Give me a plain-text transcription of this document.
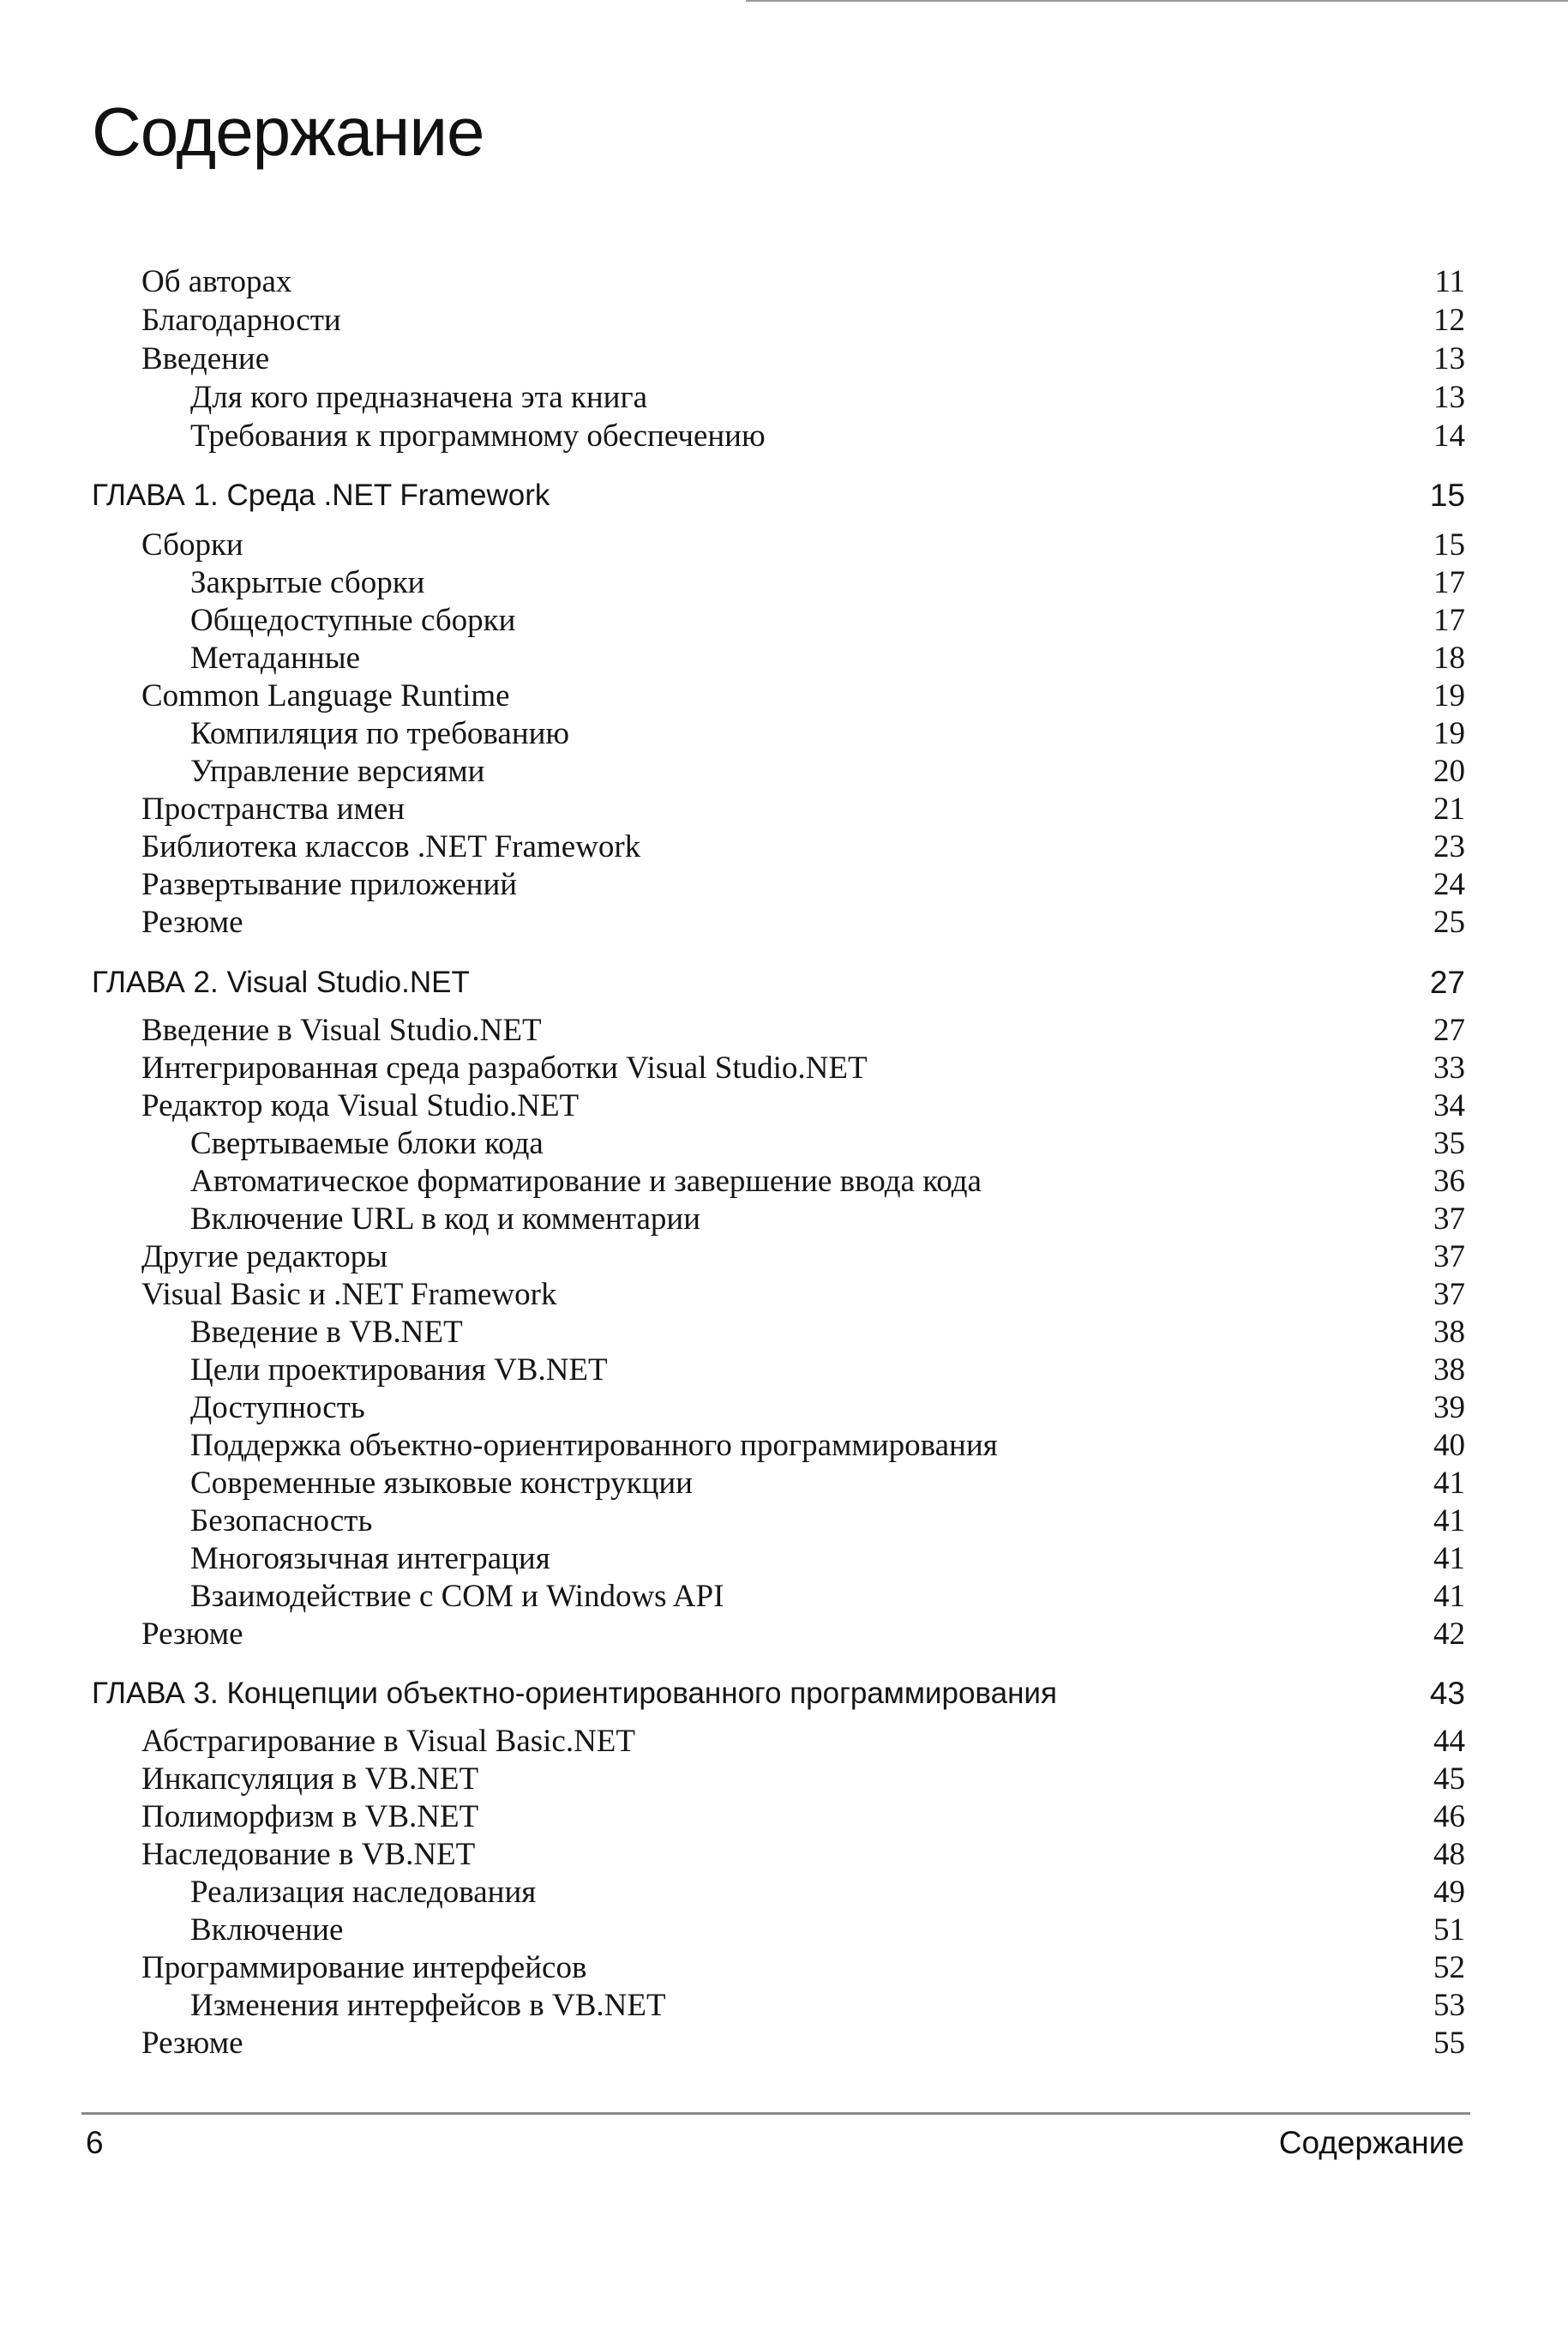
Содержание
Об авторах	11
Благодарности	12
Введение	13
Для кого предназначена эта книга	13
Требования к программному обеспечению	14
ГЛАВА 1. Среда .NET Framework	15
Сборки	15
Закрытые сборки	17
Общедоступные сборки	17
Метаданные	18
Common Language Runtime	19
Компиляция по требованию	19
Управление версиями	20
Пространства имен	21
Библиотека классов .NET Framework	23
Развертывание приложений	24
Резюме	25
ГЛАВА 2. Visual Studio.NET	27
Введение в Visual Studio.NET	27
Интегрированная среда разработки Visual Studio.NET	33
Редактор кода Visual Studio.NET	34
Свертываемые блоки кода	35
Автоматическое форматирование и завершение ввода кода	36
Включение URL в код и комментарии	37
Другие редакторы	37
Visual Basic и .NET Framework	37
Введение в VB.NET	38
Цели проектирования VB.NET	38
Доступность	39
Поддержка объектно-ориентированного программирования	40
Современные языковые конструкции	41
Безопасность	41
Многоязычная интеграция	41
Взаимодействие с COM и Windows API	41
Резюме	42
ГЛАВА 3. Концепции объектно-ориентированного программирования	43
Абстрагирование в Visual Basic.NET	44
Инкапсуляция в VB.NET	45
Полиморфизм в VB.NET	46
Наследование в VB.NET	48
Реализация наследования	49
Включение	51
Программирование интерфейсов	52
Изменения интерфейсов в VB.NET	53
Резюме	55
6	Содержание
